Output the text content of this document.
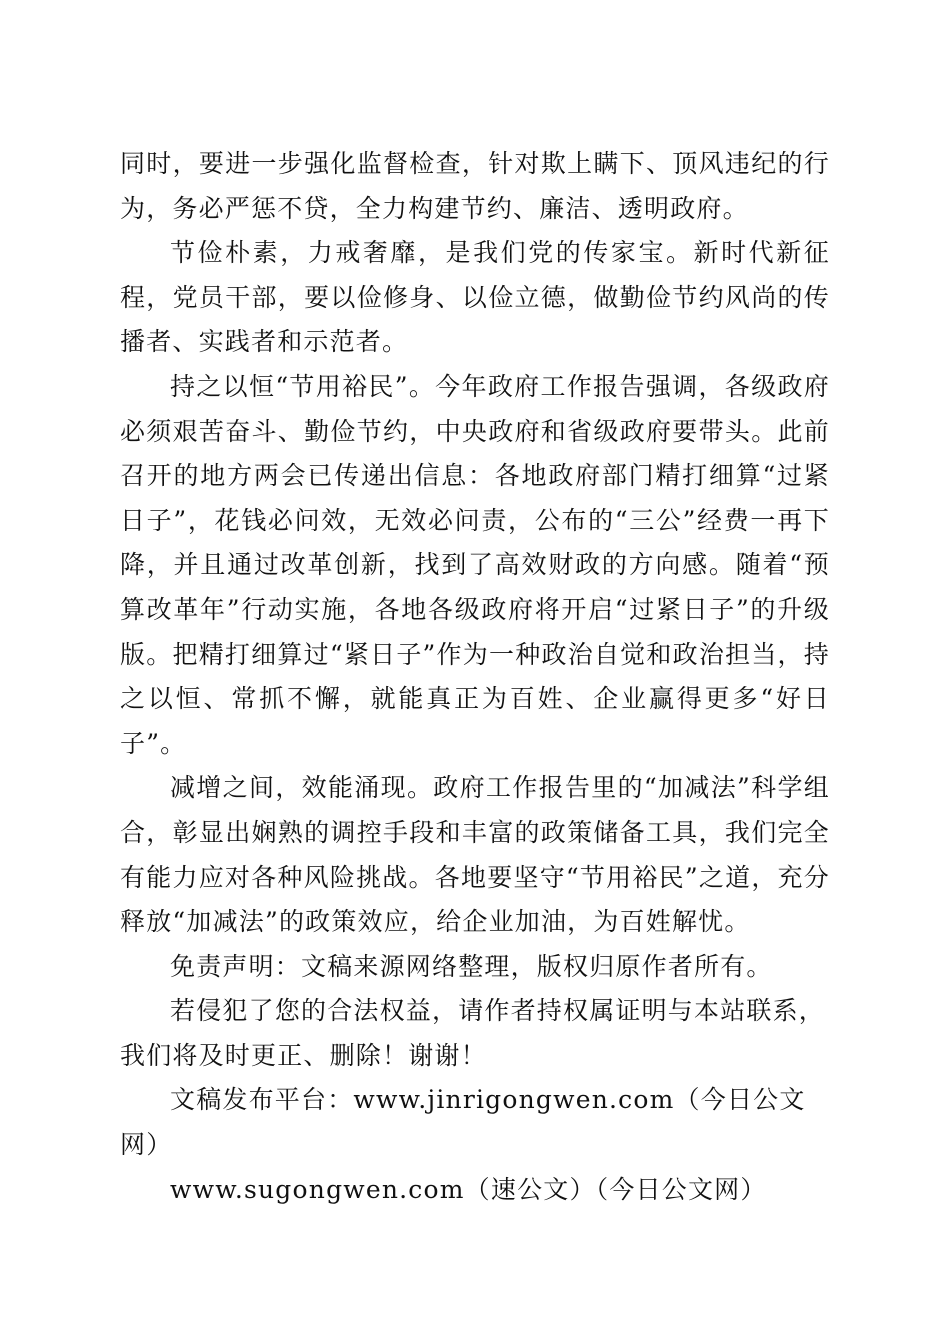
同时，要进一步强化监督检查，针对欺上瞒下、顶风违纪的行为，务必严惩不贷，全力构建节约、廉洁、透明政府。

节俭朴素，力戒奢靡，是我们党的传家宝。新时代新征程，党员干部，要以俭修身、以俭立德，做勤俭节约风尚的传播者、实践者和示范者。

持之以恒“节用裕民”。今年政府工作报告强调，各级政府必须艰苦奋斗、勤俭节约，中央政府和省级政府要带头。此前召开的地方两会已传递出信息：各地政府部门精打细算“过紧日子”，花钱必问效，无效必问责，公布的“三公”经费一再下降，并且通过改革创新，找到了高效财政的方向感。随着“预算改革年”行动实施，各地各级政府将开启“过紧日子”的升级版。把精打细算过“紧日子”作为一种政治自觉和政治担当，持之以恒、常抓不懈，就能真正为百姓、企业赢得更多“好日子”。

减增之间，效能涌现。政府工作报告里的“加减法”科学组合，彰显出娴熟的调控手段和丰富的政策储备工具，我们完全有能力应对各种风险挑战。各地要坚守“节用裕民”之道，充分释放“加减法”的政策效应，给企业加油，为百姓解忧。

免责声明：文稿来源网络整理，版权归原作者所有。

若侵犯了您的合法权益，请作者持权属证明与本站联系，我们将及时更正、删除！谢谢！

文稿发布平台：www.jinrigongwen.com（今日公文网）

www.sugongwen.com（速公文）（今日公文网）
